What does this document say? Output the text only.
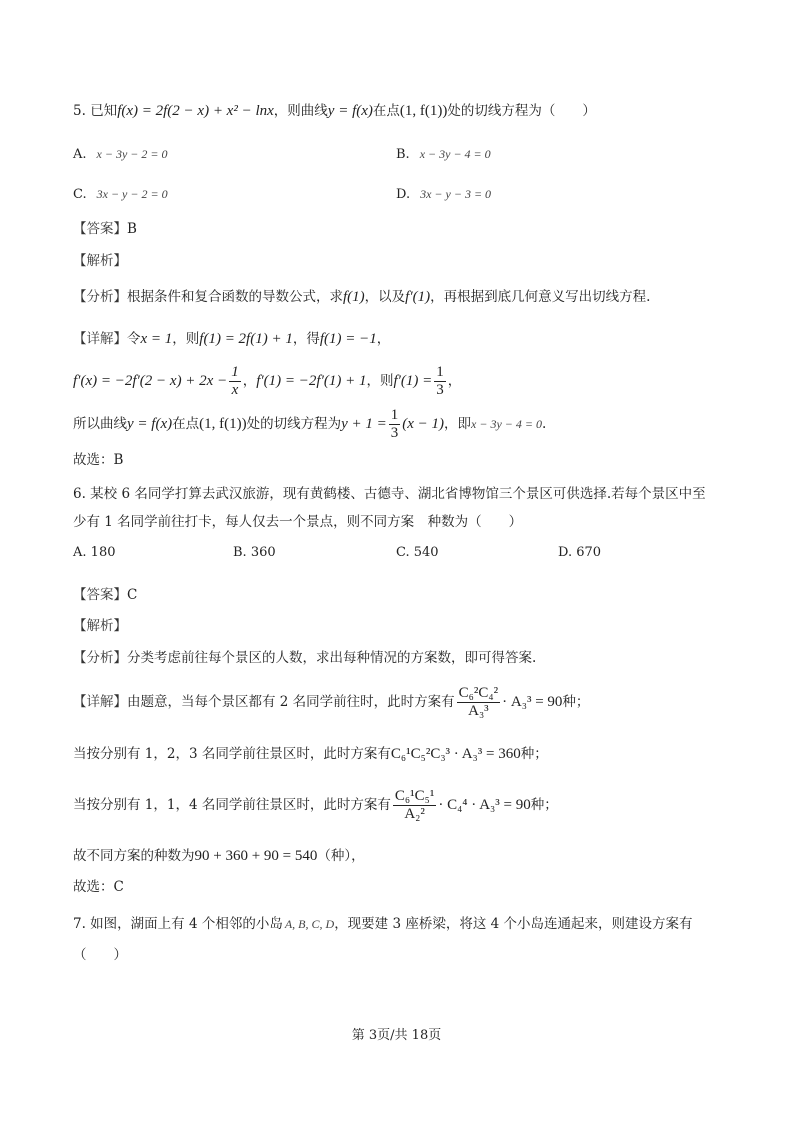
5. 已知f(x) = 2f(2 − x) + x² − lnx，则曲线y = f(x)在点(1, f(1))处的切线方程为（　　）
A. x − 3y − 2 = 0	B. x − 3y − 4 = 0
C. 3x − y − 2 = 0	D. 3x − y − 3 = 0
【答案】B
【解析】
【分析】根据条件和复合函数的导数公式，求f(1)，以及f′(1)，再根据到底几何意义写出切线方程.
【详解】令x = 1，则f(1) = 2f(1) + 1，得f(1) = −1，
$f'(x) = -2f'(2 - x) + 2x - \frac{1}{x}$ ，f′(1) = −2f′(1) + 1，则$f'(1) = \frac{1}{3}$ ，
所以曲线y = f(x)在点(1, f(1))处的切线方程为$y + 1 = \frac{1}{3} (x - 1)$，即x − 3y − 4 = 0.
故选：B
6. 某校 6 名同学打算去武汉旅游，现有黄鹤楼、古德寺、湖北省博物馆三个景区可供选择.若每个景区中至
少有 1 名同学前往打卡，每人仅去一个景点，则不同方案　种数为（　　）
A. 180	B. 360	C. 540	D. 670
【答案】C
【解析】
【分析】分类考虑前往每个景区的人数，求出每种情况的方案数，即可得答案.
【详解】由题意，当每个景区都有 2 名同学前往时，此时方案有 $\frac{\text{C₆²C₄²}}{\text{A₃³}} \cdot A_3^3 = 90$种；
当按分别有 1，2，3 名同学前往景区时，此时方案有C₆¹C₅²C₃³ · A₃³ = 360种；
当按分别有 1，1，4 名同学前往景区时，此时方案有 $\frac{\text{C₆¹C₅¹}}{\text{A₂²}} \cdot C_4^4 \cdot A_3^3 = 90$种；
故不同方案的种数为90 + 360 + 90 = 540（种），
故选：C
7. 如图，湖面上有 4 个相邻的小岛 A, B, C, D，现要建 3 座桥梁，将这 4 个小岛连通起来，则建设方案有
（　　）
第 3页/共 18页
